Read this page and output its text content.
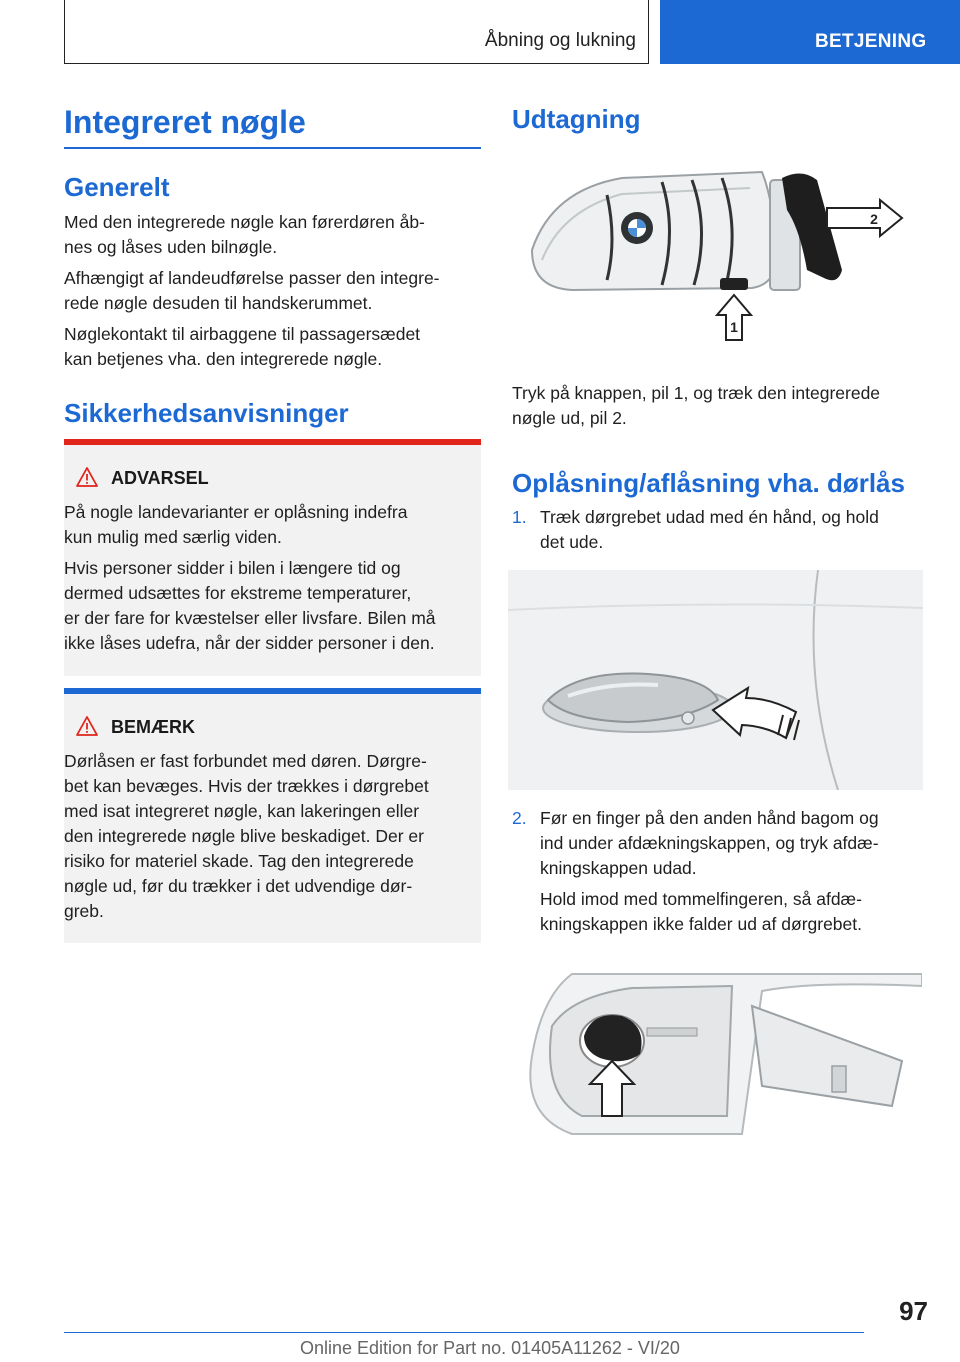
Åbning og lukning	BETJENING
Integreret nøgle
Generelt
Med den integrerede nøgle kan førerdøren åb-
nes og låses uden bilnøgle.
Afhængigt af landeudførelse passer den integre-
rede nøgle desuden til handskerummet.
Nøglekontakt til airbaggene til passagersædet
kan betjenes vha. den integrerede nøgle.
Sikkerhedsanvisninger
ADVARSEL
På nogle landevarianter er oplåsning indefra
kun mulig med særlig viden.
Hvis personer sidder i bilen i længere tid og
dermed udsættes for ekstreme temperaturer,
er der fare for kvæstelser eller livsfare. Bilen må
ikke låses udefra, når der sidder personer i den.
BEMÆRK
Dørlåsen er fast forbundet med døren. Dørgre-
bet kan bevæges. Hvis der trækkes i dørgrebet
med isat integreret nøgle, kan lakeringen eller
den integrerede nøgle blive beskadiget. Der er
risiko for materiel skade. Tag den integrerede
nøgle ud, før du trækker i det udvendige dør-
greb.
Udtagning
1
2
Tryk på knappen, pil 1, og træk den integrerede
nøgle ud, pil 2.
Oplåsning/aflåsning vha. dørlås
1. Træk dørgrebet udad med én hånd, og hold
det ude.
2. Før en finger på den anden hånd bagom og
ind under afdækningskappen, og tryk afdæ-
kningskappen udad.
Hold imod med tommelfingeren, så afdæ-
kningskappen ikke falder ud af dørgrebet.
97
Online Edition for Part no. 01405A11262 - VI/20
